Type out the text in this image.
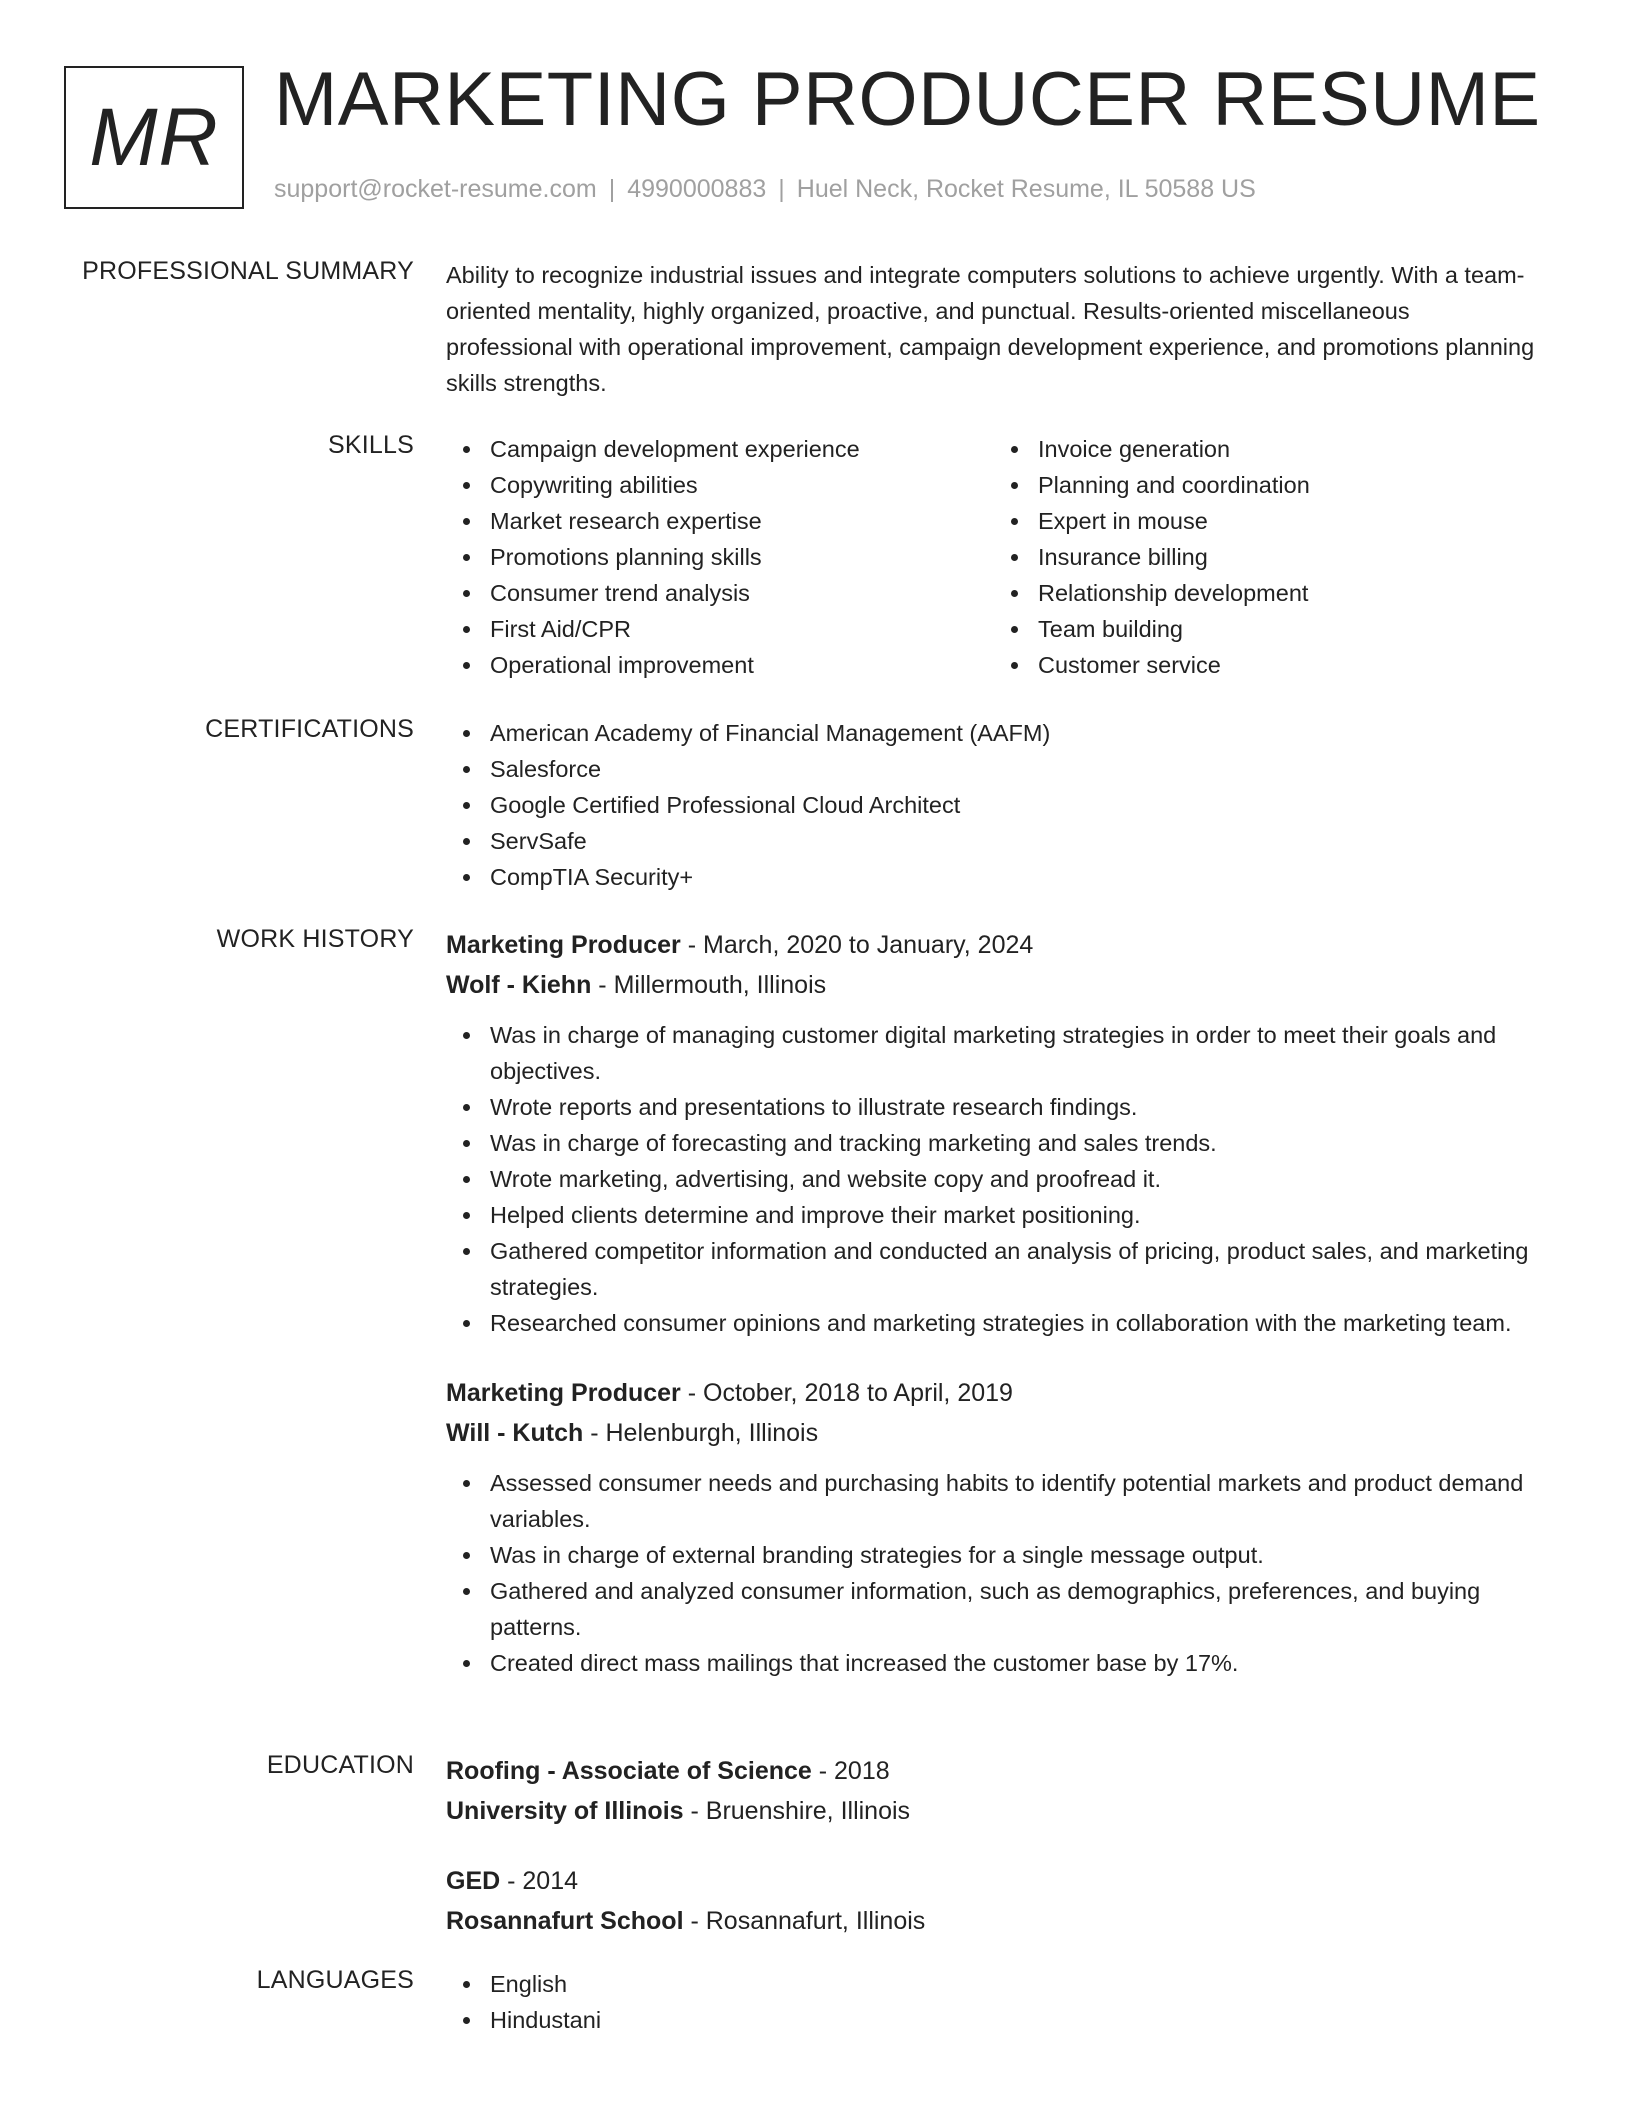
MR MARKETING PRODUCER RESUME
support@rocket-resume.com | 4990000883 | Huel Neck, Rocket Resume, IL 50588 US
PROFESSIONAL SUMMARY Ability to recognize industrial issues and integrate computers solutions to achieve urgently. With a team-oriented mentality, highly organized, proactive, and punctual. Results-oriented miscellaneous professional with operational improvement, campaign development experience, and promotions planning skills strengths.
SKILLS	Campaign development experience
Copywriting abilities
Market research expertise
Promotions planning skills
Consumer trend analysis
First Aid/CPR
Operational improvement
Invoice generation
Planning and coordination
Expert in mouse
Insurance billing
Relationship development
Team building
Customer service
CERTIFICATIONS	American Academy of Financial Management (AAFM)
Salesforce
Google Certified Professional Cloud Architect
ServSafe
CompTIA Security+
WORK HISTORY Marketing Producer - March, 2020 to January, 2024
Wolf - Kiehn - Millermouth, Illinois
Was in charge of managing customer digital marketing strategies in order to meet their goals and objectives.
Wrote reports and presentations to illustrate research findings.
Was in charge of forecasting and tracking marketing and sales trends.
Wrote marketing, advertising, and website copy and proofread it.
Helped clients determine and improve their market positioning.
Gathered competitor information and conducted an analysis of pricing, product sales, and marketing strategies.
Researched consumer opinions and marketing strategies in collaboration with the marketing team.
Marketing Producer - October, 2018 to April, 2019
Will - Kutch - Helenburgh, Illinois
Assessed consumer needs and purchasing habits to identify potential markets and product demand variables.
Was in charge of external branding strategies for a single message output.
Gathered and analyzed consumer information, such as demographics, preferences, and buying patterns.
Created direct mass mailings that increased the customer base by 17%.
EDUCATION Roofing - Associate of Science - 2018
University of Illinois - Bruenshire, Illinois
GED - 2014
Rosannafurt School - Rosannafurt, Illinois
LANGUAGES	English
Hindustani
